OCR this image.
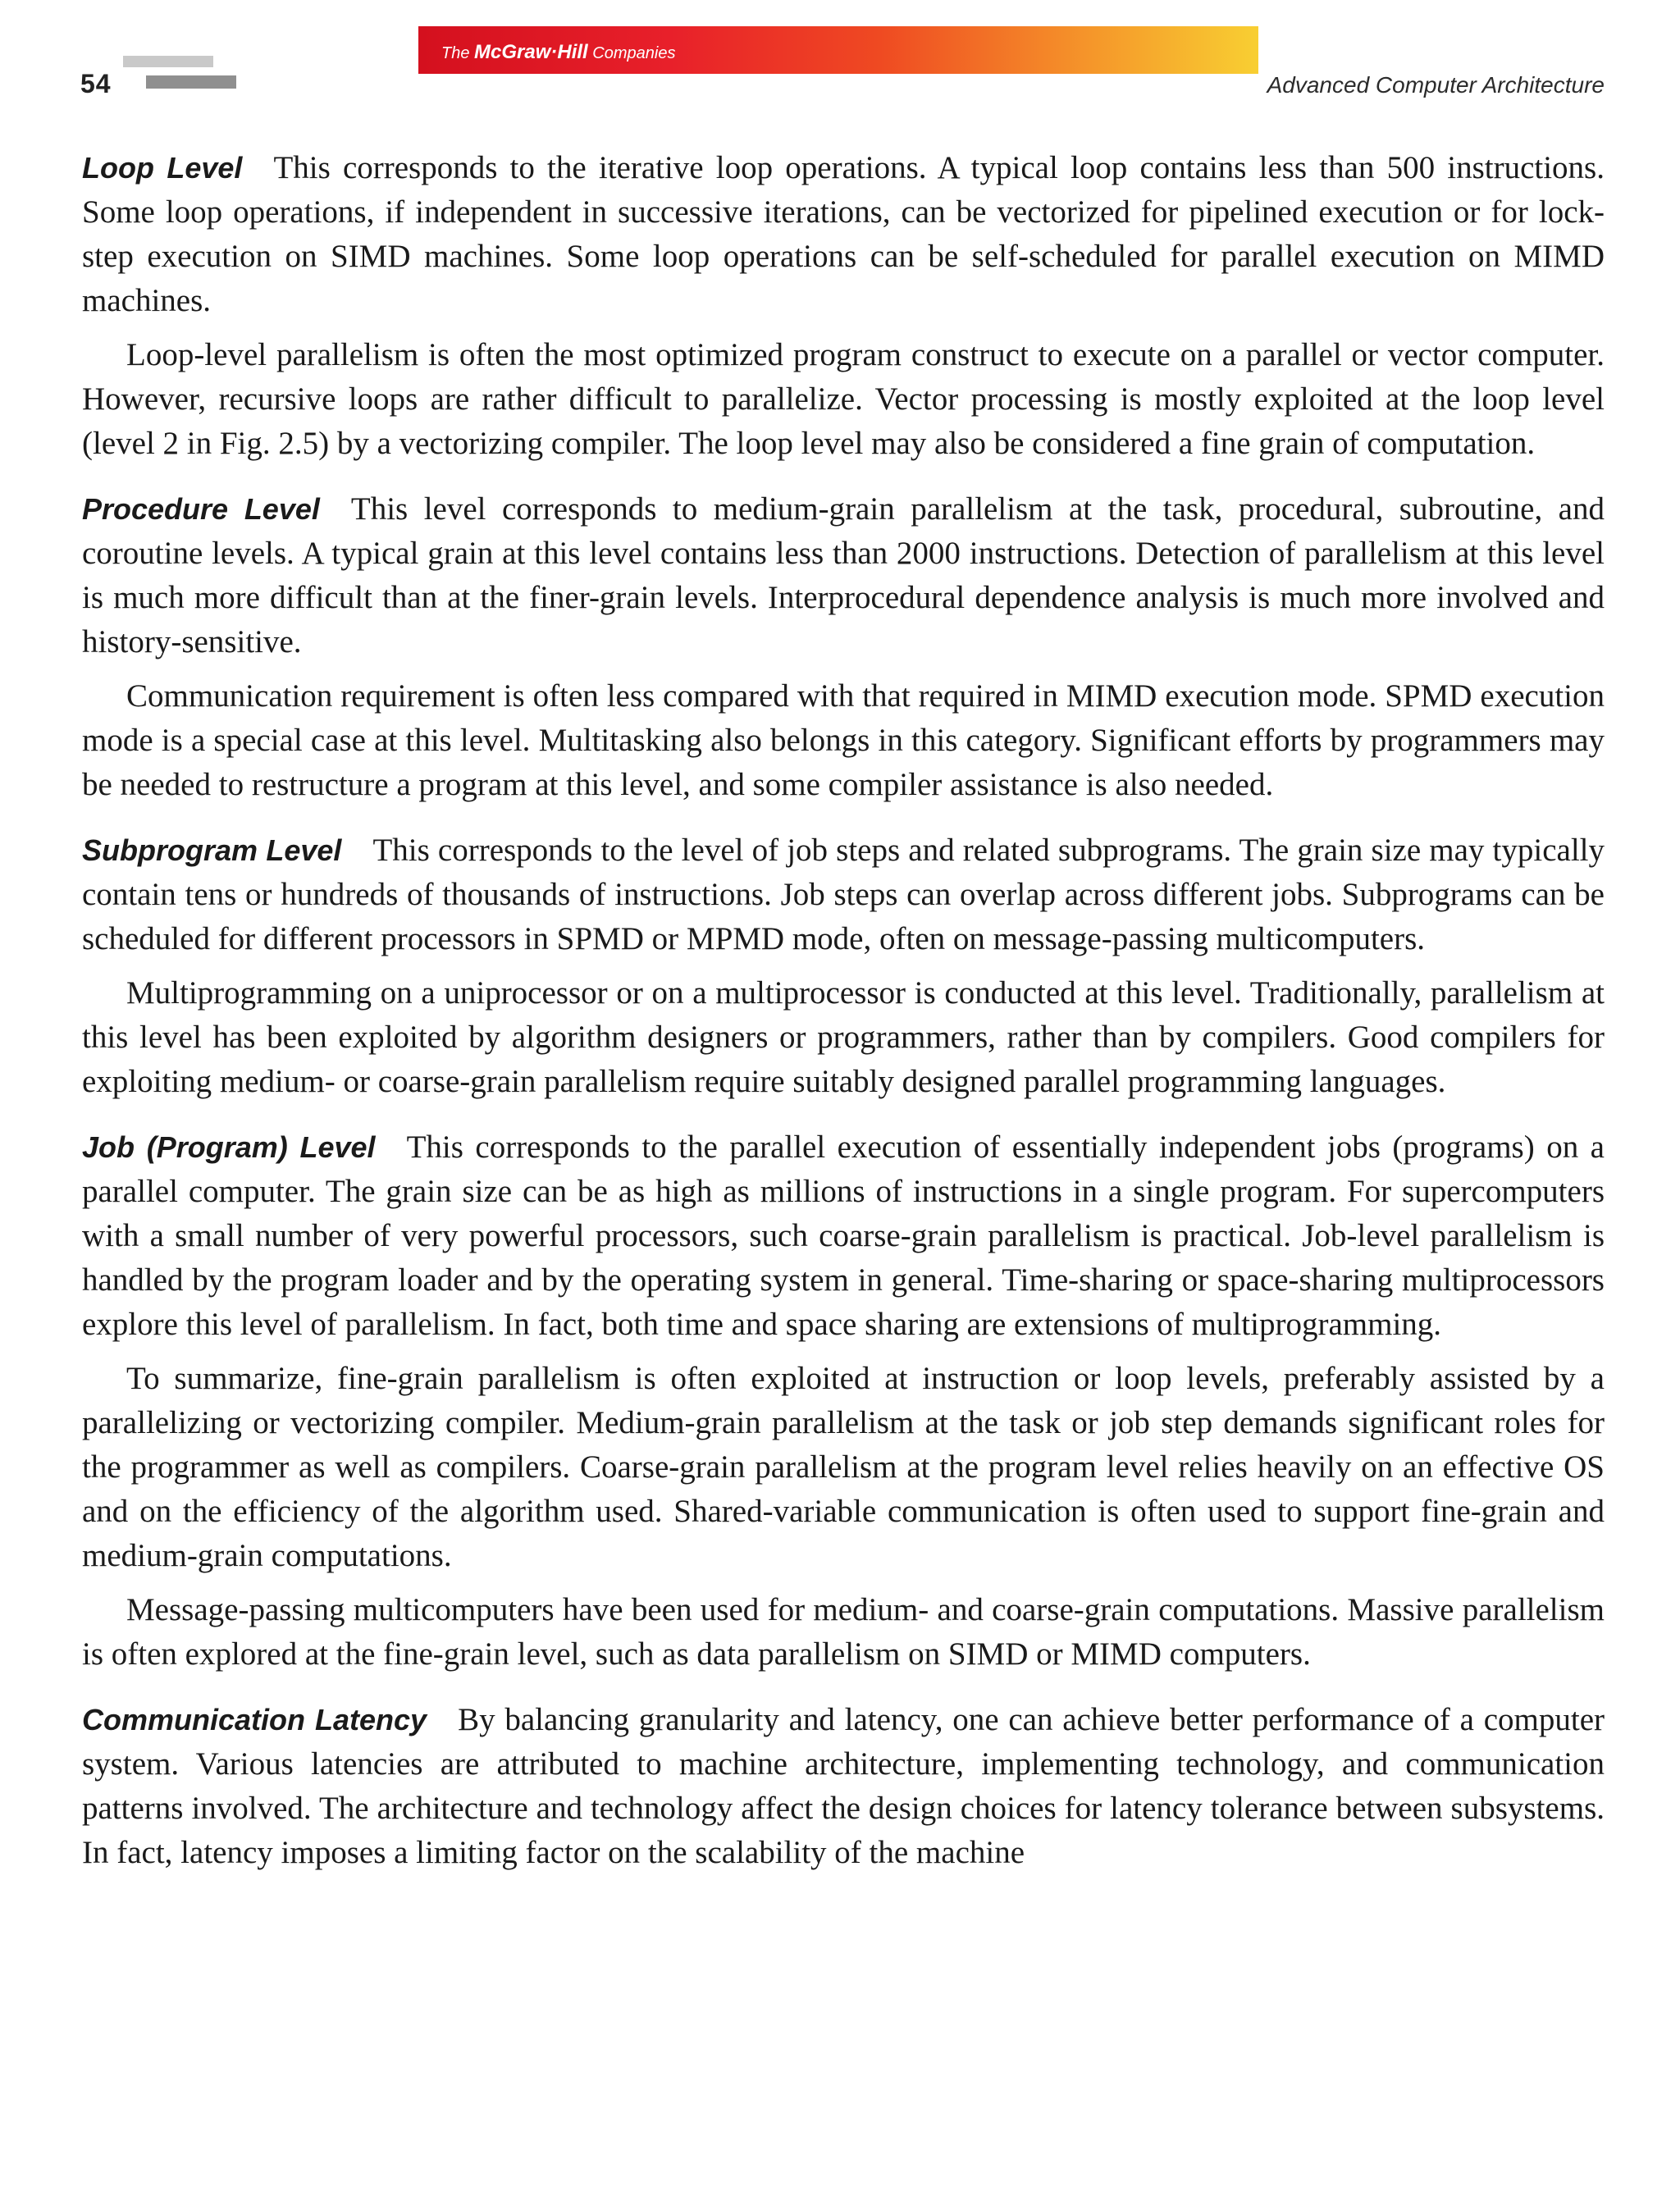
54
The McGraw·Hill Companies
Advanced Computer Architecture

Loop Level This corresponds to the iterative loop operations. A typical loop contains less than 500 instructions. Some loop operations, if independent in successive iterations, can be vectorized for pipelined execution or for lock-step execution on SIMD machines. Some loop operations can be self-scheduled for parallel execution on MIMD machines.

Loop-level parallelism is often the most optimized program construct to execute on a parallel or vector computer. However, recursive loops are rather difficult to parallelize. Vector processing is mostly exploited at the loop level (level 2 in Fig. 2.5) by a vectorizing compiler. The loop level may also be considered a fine grain of computation.

Procedure Level This level corresponds to medium-grain parallelism at the task, procedural, subroutine, and coroutine levels. A typical grain at this level contains less than 2000 instructions. Detection of parallelism at this level is much more difficult than at the finer-grain levels. Interprocedural dependence analysis is much more involved and history-sensitive.

Communication requirement is often less compared with that required in MIMD execution mode. SPMD execution mode is a special case at this level. Multitasking also belongs in this category. Significant efforts by programmers may be needed to restructure a program at this level, and some compiler assistance is also needed.

Subprogram Level This corresponds to the level of job steps and related subprograms. The grain size may typically contain tens or hundreds of thousands of instructions. Job steps can overlap across different jobs. Subprograms can be scheduled for different processors in SPMD or MPMD mode, often on message-passing multicomputers.

Multiprogramming on a uniprocessor or on a multiprocessor is conducted at this level. Traditionally, parallelism at this level has been exploited by algorithm designers or programmers, rather than by compilers. Good compilers for exploiting medium- or coarse-grain parallelism require suitably designed parallel programming languages.

Job (Program) Level This corresponds to the parallel execution of essentially independent jobs (programs) on a parallel computer. The grain size can be as high as millions of instructions in a single program. For supercomputers with a small number of very powerful processors, such coarse-grain parallelism is practical. Job-level parallelism is handled by the program loader and by the operating system in general. Time-sharing or space-sharing multiprocessors explore this level of parallelism. In fact, both time and space sharing are extensions of multiprogramming.

To summarize, fine-grain parallelism is often exploited at instruction or loop levels, preferably assisted by a parallelizing or vectorizing compiler. Medium-grain parallelism at the task or job step demands significant roles for the programmer as well as compilers. Coarse-grain parallelism at the program level relies heavily on an effective OS and on the efficiency of the algorithm used. Shared-variable communication is often used to support fine-grain and medium-grain computations.

Message-passing multicomputers have been used for medium- and coarse-grain computations. Massive parallelism is often explored at the fine-grain level, such as data parallelism on SIMD or MIMD computers.

Communication Latency By balancing granularity and latency, one can achieve better performance of a computer system. Various latencies are attributed to machine architecture, implementing technology, and communication patterns involved. The architecture and technology affect the design choices for latency tolerance between subsystems. In fact, latency imposes a limiting factor on the scalability of the machine
